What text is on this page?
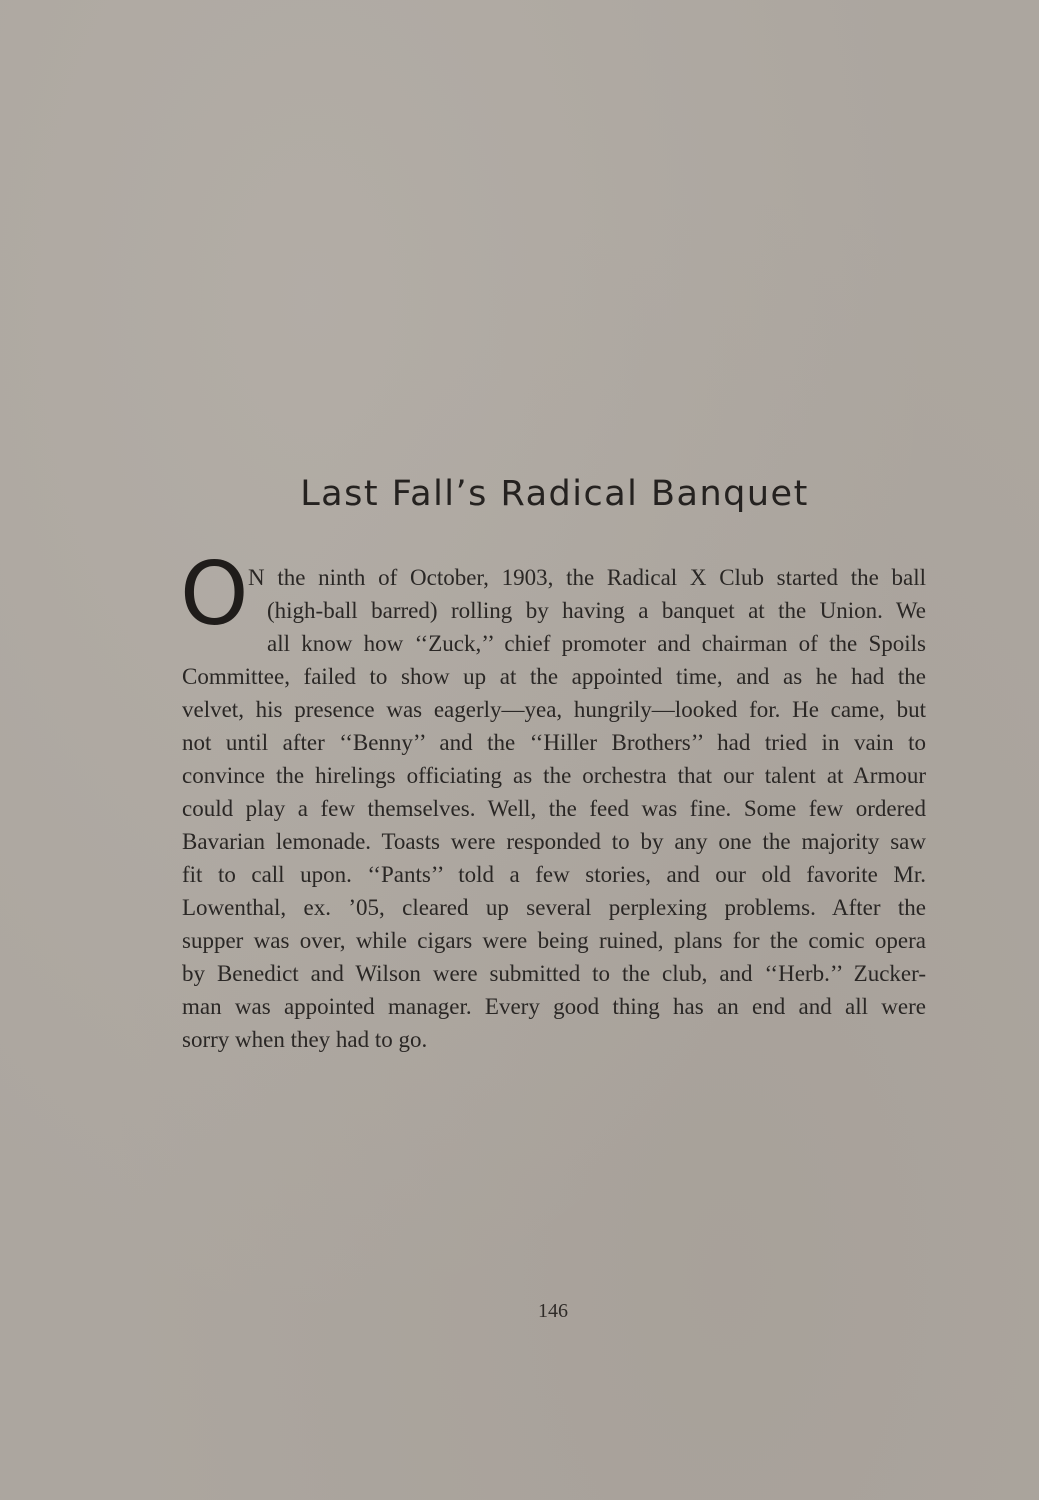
Last Fall’s Radical Banquet
O N the ninth of October, 1903, the Radical X Club started the ball
(high-ball barred) rolling by having a banquet at the Union. We
all know how ‘‘Zuck,’’ chief promoter and chairman of the Spoils
Committee, failed to show up at the appointed time, and as he had the
velvet, his presence was eagerly—yea, hungrily—looked for. He came, but
not until after ‘‘Benny’’ and the ‘‘Hiller Brothers’’ had tried in vain to
convince the hirelings officiating as the orchestra that our talent at Armour
could play a few themselves. Well, the feed was fine. Some few ordered
Bavarian lemonade. Toasts were responded to by any one the majority saw
fit to call upon. ‘‘Pants’’ told a few stories, and our old favorite Mr.
Lowenthal, ex. ’05, cleared up several perplexing problems. After the
supper was over, while cigars were being ruined, plans for the comic opera
by Benedict and Wilson were submitted to the club, and ‘‘Herb.’’ Zucker-
man was appointed manager. Every good thing has an end and all were
sorry when they had to go.
146
